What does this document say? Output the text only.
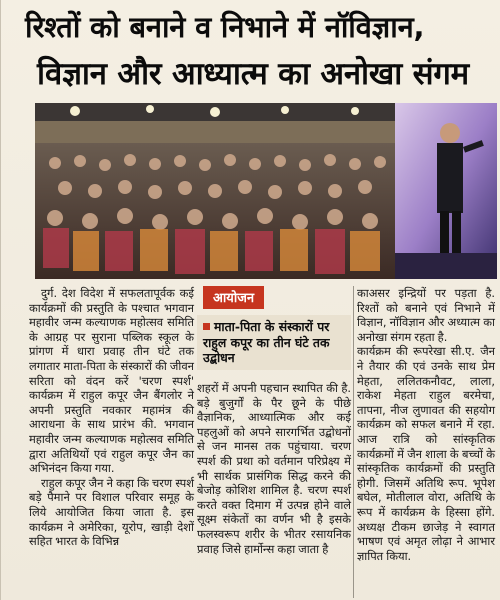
रिश्तों को बनाने व निभाने में नॉविज्ञान,
विज्ञान और आध्यात्म का अनोखा संगम

दुर्ग. देश विदेश में सफलतापूर्वक कई कार्यक्रमों की प्रस्तुति के पश्चात भगवान महावीर जन्म कल्याणक महोत्सव समिति के आग्रह पर सुराना पब्लिक स्कूल के प्रांगण में धारा प्रवाह तीन घंटे तक लगातार माता-पिता के संस्कारों की जीवन सरिता को वंदन करें 'चरण स्पर्श' कार्यक्रम में राहुल कपूर जैन बैंगलोर ने अपनी प्रस्तुति नवकार महामंत्र की आराधना के साथ प्रारंभ की. भगवान महावीर जन्म कल्याणक महोत्सव समिति द्वारा अतिथियों एवं राहुल कपूर जैन का अभिनंदन किया गया.

राहुल कपूर जैन ने कहा कि चरण स्पर्श बड़े पैमाने पर विशाल परिवार समूह के लिये आयोजित किया जाता है. इस कार्यक्रम ने अमेरिका, यूरोप, खाड़ी देशों सहित भारत के विभिन्न

आयोजन
माता-पिता के संस्कारों पर राहुल कपूर का तीन घंटे तक उद्बोधन

शहरों में अपनी पहचान स्थापित की है. बड़े बुजुर्गों के पैर छूने के पीछे वैज्ञानिक, आध्यात्मिक और कई पहलुओं को अपने सारगर्भित उद्बोधनों से जन मानस तक पहुंचाया. चरण स्पर्श की प्रथा को वर्तमान परिप्रेक्ष्य में भी सार्थक प्रासंगिक सिद्ध करने की बेजोड़ कोशिश शामिल है. चरण स्पर्श करते वक्त दिमाग में उत्पन्न होने वाले सूक्ष्म संकेतों का वर्णन भी है इसके फलस्वरूप शरीर के भीतर रसायनिक प्रवाह जिसे हार्मोन्स कहा जाता है

काअसर इन्द्रियों पर पड़ता है. रिश्तों को बनाने एवं निभाने में विज्ञान, नॉविज्ञान और अध्यात्म का अनोखा संगम रहता है.

कार्यक्रम की रूपरेखा सी.ए. जैन ने तैयार की एवं उनके साथ प्रेम मेहता, ललितकनौवट, लाला, राकेश मेहता राहुल बरमेचा, तापना, नीज लुणावत की सहयोग कार्यक्रम को सफल बनाने में रहा. आज रात्रि को सांस्कृतिक कार्यक्रमों में जैन शाला के बच्चों के सांस्कृतिक कार्यक्रमों की प्रस्तुति होगी. जिसमें अतिथि रूप. भूपेश बघेल, मोतीलाल वोरा, अतिथि के रूप में कार्यक्रम के हिस्सा होंगे. अध्यक्ष टीकम छाजेड़ ने स्वागत भाषण एवं अमृत लोढ़ा ने आभार ज्ञापित किया.
